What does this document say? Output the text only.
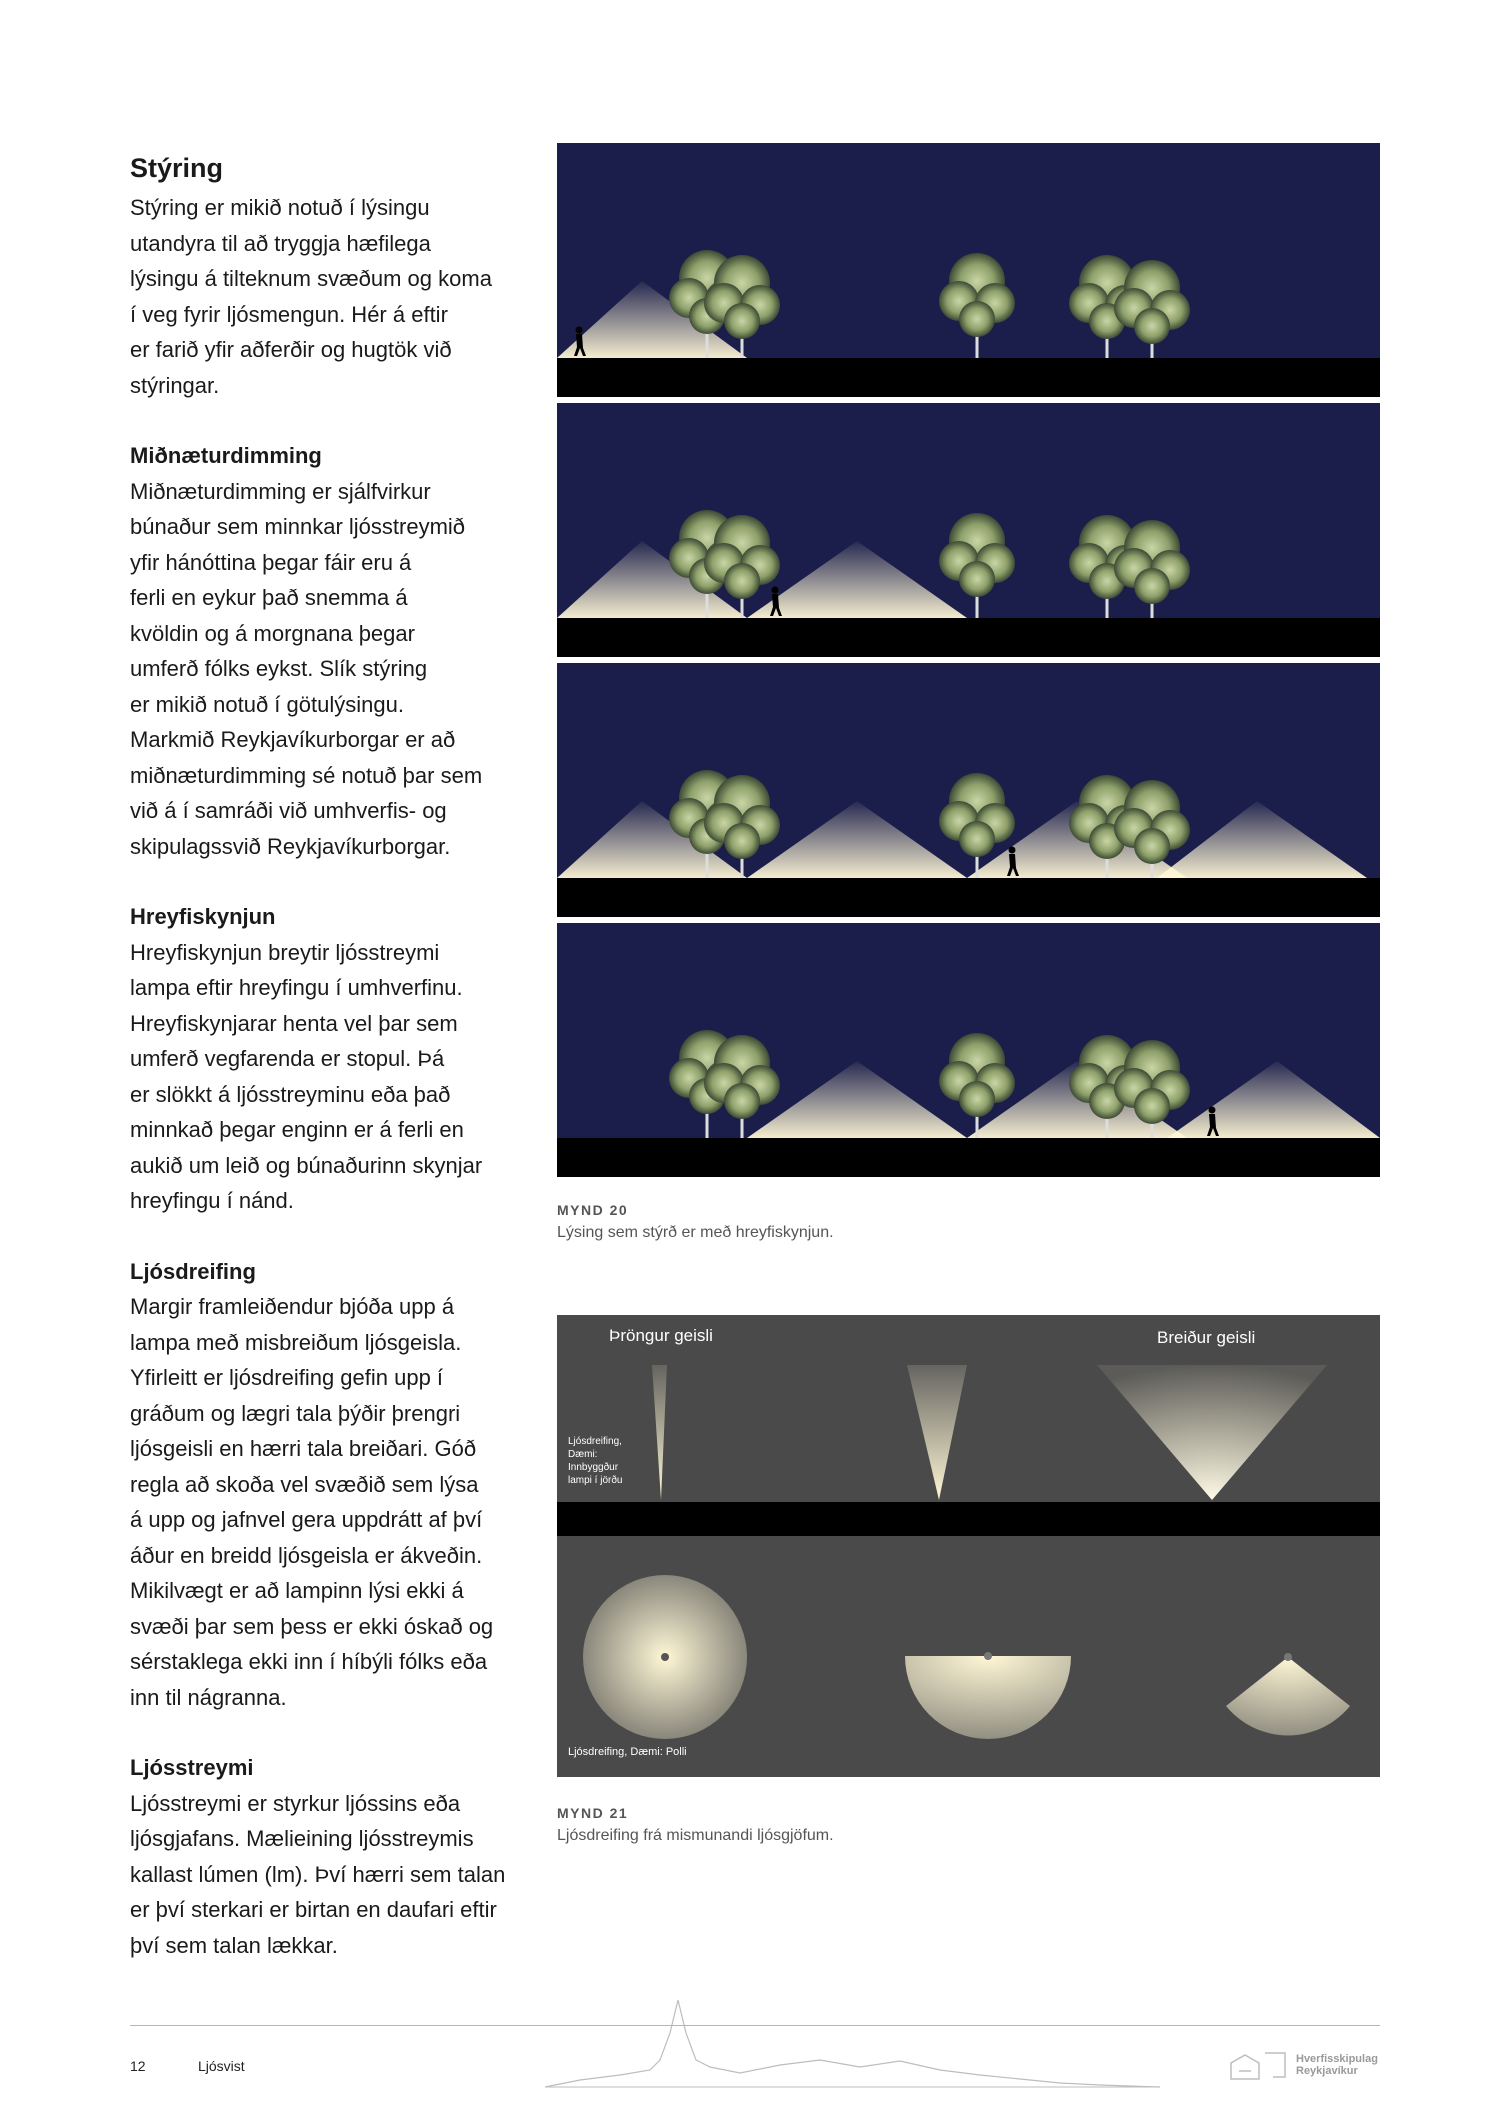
Stýring

Stýring er mikið notuð í lýsingu
utandyra til að tryggja hæfilega
lýsingu á tilteknum svæðum og koma
í veg fyrir ljósmengun. Hér á eftir
er farið yfir aðferðir og hugtök við
stýringar.

Miðnæturdimming

Miðnæturdimming er sjálfvirkur
búnaður sem minnkar ljósstreymið
yfir hánóttina þegar fáir eru á
ferli en eykur það snemma á
kvöldin og á morgnana þegar
umferð fólks eykst. Slík stýring
er mikið notuð í götulýsingu.
Markmið Reykjavíkurborgar er að
miðnæturdimming sé notuð þar sem
við á í samráði við umhverfis- og
skipulagssvið Reykjavíkurborgar.

Hreyfiskynjun

Hreyfiskynjun breytir ljósstreymi
lampa eftir hreyfingu í umhverfinu.
Hreyfiskynjarar henta vel þar sem
umferð vegfarenda er stopul. Þá
er slökkt á ljósstreyminu eða það
minnkað þegar enginn er á ferli en
aukið um leið og búnaðurinn skynjar
hreyfingu í nánd.

Ljósdreifing

Margir framleiðendur bjóða upp á
lampa með misbreiðum ljósgeisla.
Yfirleitt er ljósdreifing gefin upp í
gráðum og lægri tala þýðir þrengri
ljósgeisli en hærri tala breiðari. Góð
regla að skoða vel svæðið sem lýsa
á upp og jafnvel gera uppdrátt af því
áður en breidd ljósgeisla er ákveðin.
Mikilvægt er að lampinn lýsi ekki á
svæði þar sem þess er ekki óskað og
sérstaklega ekki inn í híbýli fólks eða
inn til nágranna.

Ljósstreymi

Ljósstreymi er styrkur ljóssins eða
ljósgjafans. Mælieining ljósstreymis
kallast lúmen (lm). Því hærri sem talan
er því sterkari er birtan en daufari eftir
því sem talan lækkar.

MYND 20
Lýsing sem stýrð er með hreyfiskynjun.
Þröngur geisli	Breiður geisli
Ljósdreifing,
Dæmi:
Innbyggður
lampi í jörðu
Ljósdreifing, Dæmi: Polli
MYND 21
Ljósdreifing frá mismunandi ljósgjöfum.
12	Ljósvist	Hverfisskipulag
Reykjavíkur
